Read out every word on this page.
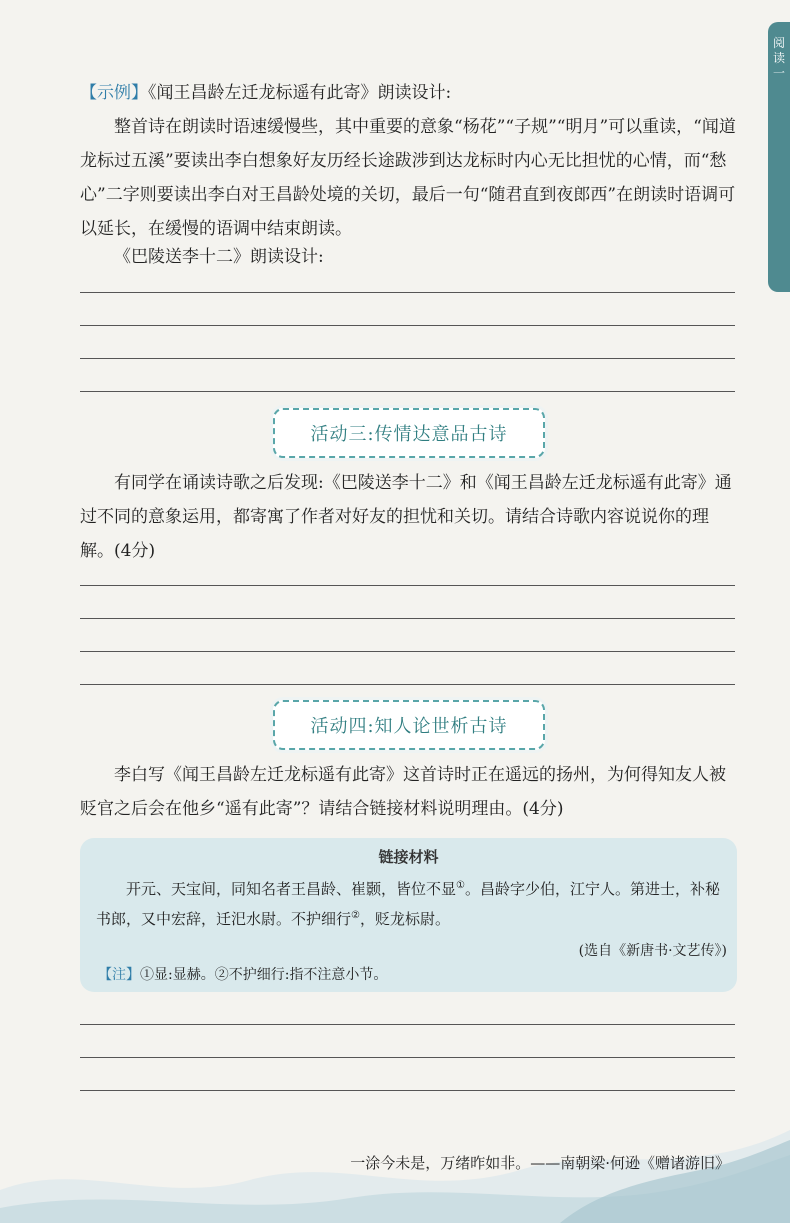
阅读一

【示例】《闻王昌龄左迁龙标遥有此寄》朗读设计:

整首诗在朗读时语速缓慢些，其中重要的意象“杨花”“子规”“明月”可以重读，“闻道龙标过五溪”要读出李白想象好友历经长途跋涉到达龙标时内心无比担忧的心情，而“愁心”二字则要读出李白对王昌龄处境的关切，最后一句“随君直到夜郎西”在朗读时语调可以延长，在缓慢的语调中结束朗读。

《巴陵送李十二》朗读设计:

活动三:传情达意品古诗

有同学在诵读诗歌之后发现:《巴陵送李十二》和《闻王昌龄左迁龙标遥有此寄》通过不同的意象运用，都寄寓了作者对好友的担忧和关切。请结合诗歌内容说说你的理解。(4分)

活动四:知人论世析古诗

李白写《闻王昌龄左迁龙标遥有此寄》这首诗时正在遥远的扬州，为何得知友人被贬官之后会在他乡“遥有此寄”？请结合链接材料说明理由。(4分)

链接材料

开元、天宝间，同知名者王昌龄、崔颢，皆位不显①。昌龄字少伯，江宁人。第进士，补秘书郎，又中宏辞，迁汜水尉。不护细行②，贬龙标尉。

(选自《新唐书·文艺传》)
【注】①显:显赫。②不护细行:指不注意小节。
一涂今未是，万绪昨如非。——南朝梁·何逊《赠诸游旧》
